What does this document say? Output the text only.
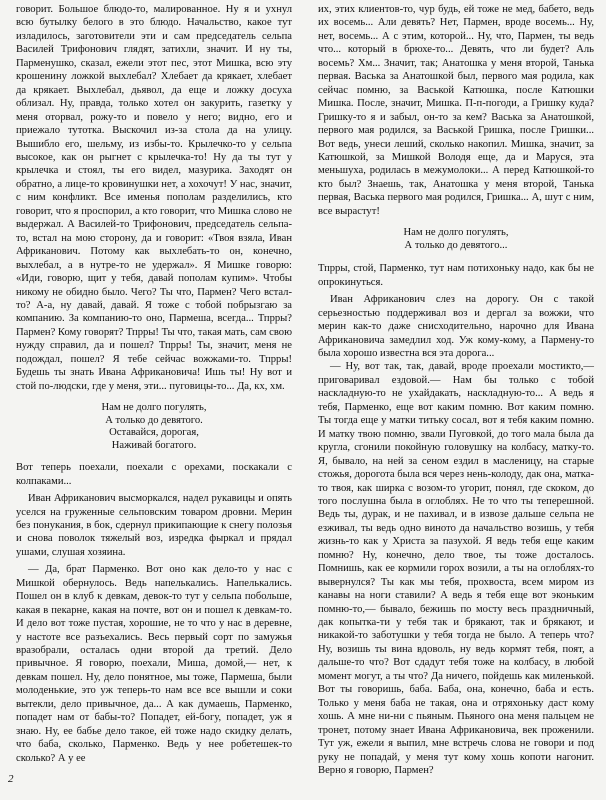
говорит. Большое блюдо-то, малированное. Ну я и ухнул всю бутылку белого в это блюдо. Начальство, какое тут изладилось, заготовители эти и сам председатель сельпа Василей Трифонович глядят, затихли, значит. И ну ты, Парменушко, сказал, ежели этот пес, этот Мишка, всю эту крошенину ложкой выхлебал? Хлебает да крякает, хлебает да крякает. Выхлебал, дьявол, да еще и ложку досуха облизал. Ну, правда, только хотел он закурить, газетку у меня оторвал, рожу-то и повело у него; видно, его и приежало тутотка. Выскочил из-за стола да на улицу. Вышибло его, шельму, из избы-то. Крылечко-то у сельпа высокое, как он рыгнет с крылечка-то! Ну да ты тут у крылечка и стоял, ты его видел, мазурика. Заходят он обратно, а лице-то кровинушки нет, а хохочут! У нас, значит, с ним конфликт. Все именья пополам разделились, кто говорит, что я проспорил, а кто говорит, что Мишка слово не выдержал. А Василей-то Трифонович, председатель сельпа-то, встал на мою сторону, да и говорит: «Твоя взяла, Иван Африканович. Потому как выхлебать-то он, конечно, выхлебал, а в нутре-то не удержал». Я Мишке говорю: «Иди, говорю, щит у тебя, давай пополам купим». Чтобы никому не обидно было. Чего? Ты что, Пармен? Чего встал-то? А-а, ну давай, давай. Я тоже с тобой побрызгаю за компанию. За компанию-то оно, Пармеша, всегда... Тпрры? Пармен? Кому говорят? Тпрры! Ты что, такая мать, сам свою нужду справил, да и пошел? Тпрры! Ты, значит, меня не подождал, пошел? Я тебе сейчас вожжами-то. Тпрры! Будешь ты знать Ивана Африкановича! Ишь ты! Ну вот и стой по-людски, где у меня, эти... пуговицы-то... Да, кх, хм.

Нам не долго погулять,
А только до девятого.
Оставайся, дорогая,
Наживай богатого.

Вот теперь поехали, поехали с орехами, поскакали с колпаками...

Иван Африканович высморкался, надел рукавицы и опять уселся на груженные сельповским товаром дровни. Мерин без понукания, в бок, сдернул прикипающие к снегу полозья и снова поволок тяжелый воз, изредка фыркал и прядал ушами, слушая хозяина.

— Да, брат Парменко. Вот оно как дело-то у нас с Мишкой обернулось. Ведь напелькались. Напелькались. Пошел он в клуб к девкам, девок-то тут у сельпа побольше, какая в пекарне, какая на почте, вот он и пошел к девкам-то. И дело вот тоже пустая, хорошие, не то что у нас в деревне, у настоте все разъехались. Весь первый сорт по замужья вразобрали, осталась одни второй да третий. Дело привычное. Я говорю, поехали, Миша, домой,— нет, к девкам пошел. Ну, дело понятное, мы тоже, Пармеша, были молоденькие, это уж теперь-то нам все все вышли и соки вытекли, дело привычное, да... А как думаешь, Парменко, попадет нам от бабы-то? Попадет, ей-богу, попадет, уж я знаю. Ну, ее бабье дело такое, ей тоже надо скидку делать, что баба, сколько, Парменко. Ведь у нее робетешек-то сколько? А у ее

их, этих клиентов-то, чур будь, ей тоже не мед, бабето, ведь их восемь... Али девять? Нет, Пармен, вроде восемь... Ну, нет, восемь... А с этим, которой... Ну, что, Пармен, ты ведь что... который в брюхе-то... Девять, что ли будет? Аль восемь? Хм... Значит, так; Анатошка у меня второй, Танька первая. Васька за Анатошкой был, первого мая родила, как сейчас помню, за Васькой Катюшка, после Катюшки Мишка. После, значит, Мишка. П-п-погоди, а Гришку кудa? Гришку-то я и забыл, он-то за кем? Васька за Анатошкой, первого мая родился, за Васькой Гришка, после Гришки... Вот ведь, унеси леший, сколько накопил. Мишка, значит, за Катюшкой, за Мишкой Володя еще, да и Маруся, эта меньшуха, родилась в межумолоки... А перед Катюшкой-то кто был? Знаешь, так, Анатошка у меня второй, Танька первая, Васька первого мая родился, Гришка... А, шут с ним, все вырастут!

Нам не долго погулять,
А только до девятого...

Тпрры, стой, Парменко, тут нам потихоньку надо, как бы не опрокинуться.

Иван Африканович слез на дорогу. Он с такой серьезностью поддерживал воз и дергал за вожжи, что мерин как-то даже снисходительно, нарочно для Ивана Африкановича замедлил ход. Уж кому-кому, а Пармену-то была хорошо известна вся эта дорога...

— Ну, вот так, так, давай, вроде проехали мостикто,— приговаривал ездовой.— Нам бы только с тобой наскладную-то не ухайдакать, наскладную-то... А ведь я тебя, Парменко, еще вот каким помню. Вот каким помню. Ты тогда еще у матки титьку сосал, вот я тебя каким помню. И матку твою помню, звали Пуговкой, до того мала была да кругла, сгонили покойную головушку на колбасу, матку-то. Я, бывало, на ней за сеном ездил в масленицу, на старые стожья, дорогота была вся через нень-колоду, дак она, матка-то твоя, как ширка с возом-то угорит, понял, где скоком, до того послушна была в оглоблях. Не то что ты теперешной. Ведь ты, дурак, и не пахивал, и в извозе дальше сельпа не езживал, ты ведь одно виното да начальство возишь, у тебя жизнь-то как у Христа за пазухой. Я ведь тебя еще каким помню? Ну, конечно, дело твое, ты тоже досталось. Помнишь, как ее кормили горох возили, а ты на оглоблях-то вывернулся? Ты как мы тебя, прохвоста, всем миром из канавы на ноги ставили? А ведь я тебя еще вот эконьким помню-то,— бывало, бежишь по мосту весь праздничный, дак копытка-ти у тебя так и брякают, так и брякают, и никакой-то заботушки у тебя тогда не было. А теперь что? Ну, возишь ты вина вдоволь, ну ведь кормят тебя, поят, а дальше-то что? Вот сдадут тебя тоже на колбасу, в любой момент могут, а ты что? Да ничего, пойдешь как миленькой. Вот ты говоришь, баба. Баба, она, конечно, баба и есть. Только у меня баба не такая, она и отряхоньку даст кому хошь. А мне ни-ни с пьяным. Пьяного она меня пальцем не тронет, потому знает Ивана Африкановича, век проженили. Тут уж, ежели я выпил, мне встречь слова не говори и под руку не попадай, у меня тут кому хошь копоти нагонит. Верно я говорю, Пармен?

2
